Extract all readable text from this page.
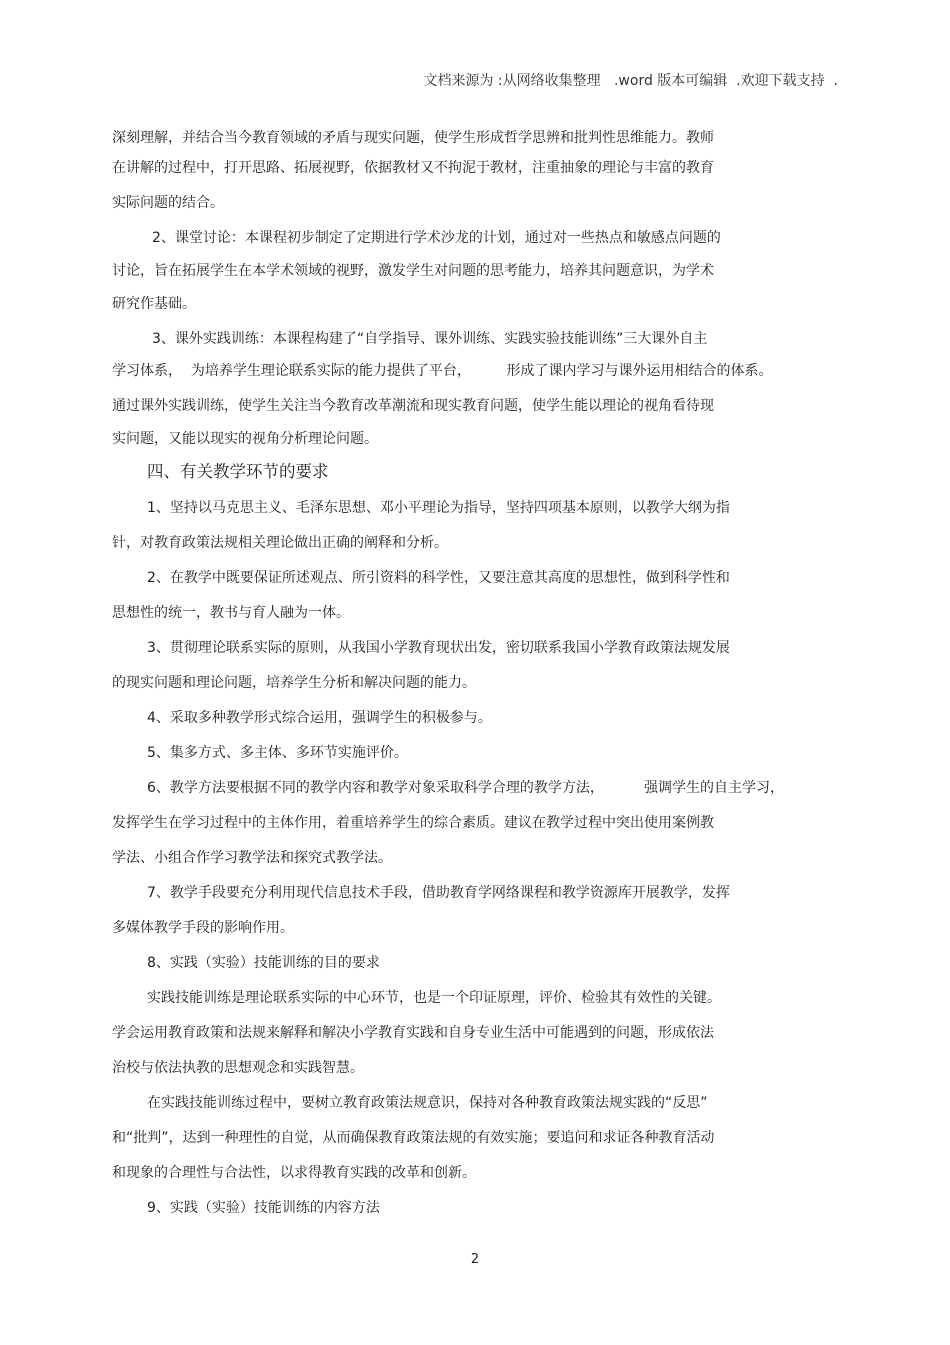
文档来源为 :从网络收集整理   .word 版本可编辑  .欢迎下载支持  .
深刻理解，并结合当今教育领域的矛盾与现实问题，使学生形成哲学思辨和批判性思维能力。教师
在讲解的过程中，打开思路、拓展视野，依据教材又不拘泥于教材，注重抽象的理论与丰富的教育
实际问题的结合。
2、课堂讨论：本课程初步制定了定期进行学术沙龙的计划，通过对一些热点和敏感点问题的
讨论，旨在拓展学生在本学术领域的视野，激发学生对问题的思考能力，培养其问题意识，为学术
研究作基础。
3、课外实践训练：本课程构建了“自学指导、课外训练、实践实验技能训练”三大课外自主
学习体系，  为培养学生理论联系实际的能力提供了平台，        形成了课内学习与课外运用相结合的体系。
通过课外实践训练，使学生关注当今教育改革潮流和现实教育问题，使学生能以理论的视角看待现
实问题，又能以现实的视角分析理论问题。
四、有关教学环节的要求
1、坚持以马克思主义、毛泽东思想、邓小平理论为指导，坚持四项基本原则，以教学大纲为指
针，对教育政策法规相关理论做出正确的阐释和分析。
2、在教学中既要保证所述观点、所引资料的科学性，又要注意其高度的思想性，做到科学性和
思想性的统一，教书与育人融为一体。
3、贯彻理论联系实际的原则，从我国小学教育现状出发，密切联系我国小学教育政策法规发展
的现实问题和理论问题，培养学生分析和解决问题的能力。
4、采取多种教学形式综合运用，强调学生的积极参与。
5、集多方式、多主体、多环节实施评价。
6、教学方法要根据不同的教学内容和教学对象采取科学合理的教学方法，         强调学生的自主学习，
发挥学生在学习过程中的主体作用，着重培养学生的综合素质。建议在教学过程中突出使用案例教
学法、小组合作学习教学法和探究式教学法。
7、教学手段要充分利用现代信息技术手段，借助教育学网络课程和教学资源库开展教学，发挥
多媒体教学手段的影响作用。
8、实践（实验）技能训练的目的要求
实践技能训练是理论联系实际的中心环节，也是一个印证原理，评价、检验其有效性的关键。
学会运用教育政策和法规来解释和解决小学教育实践和自身专业生活中可能遇到的问题，形成依法
治校与依法执教的思想观念和实践智慧。
在实践技能训练过程中，要树立教育政策法规意识，保持对各种教育政策法规实践的“反思”
和“批判”，达到一种理性的自觉，从而确保教育政策法规的有效实施；要追问和求证各种教育活动
和现象的合理性与合法性，以求得教育实践的改革和创新。
9、实践（实验）技能训练的内容方法
2
